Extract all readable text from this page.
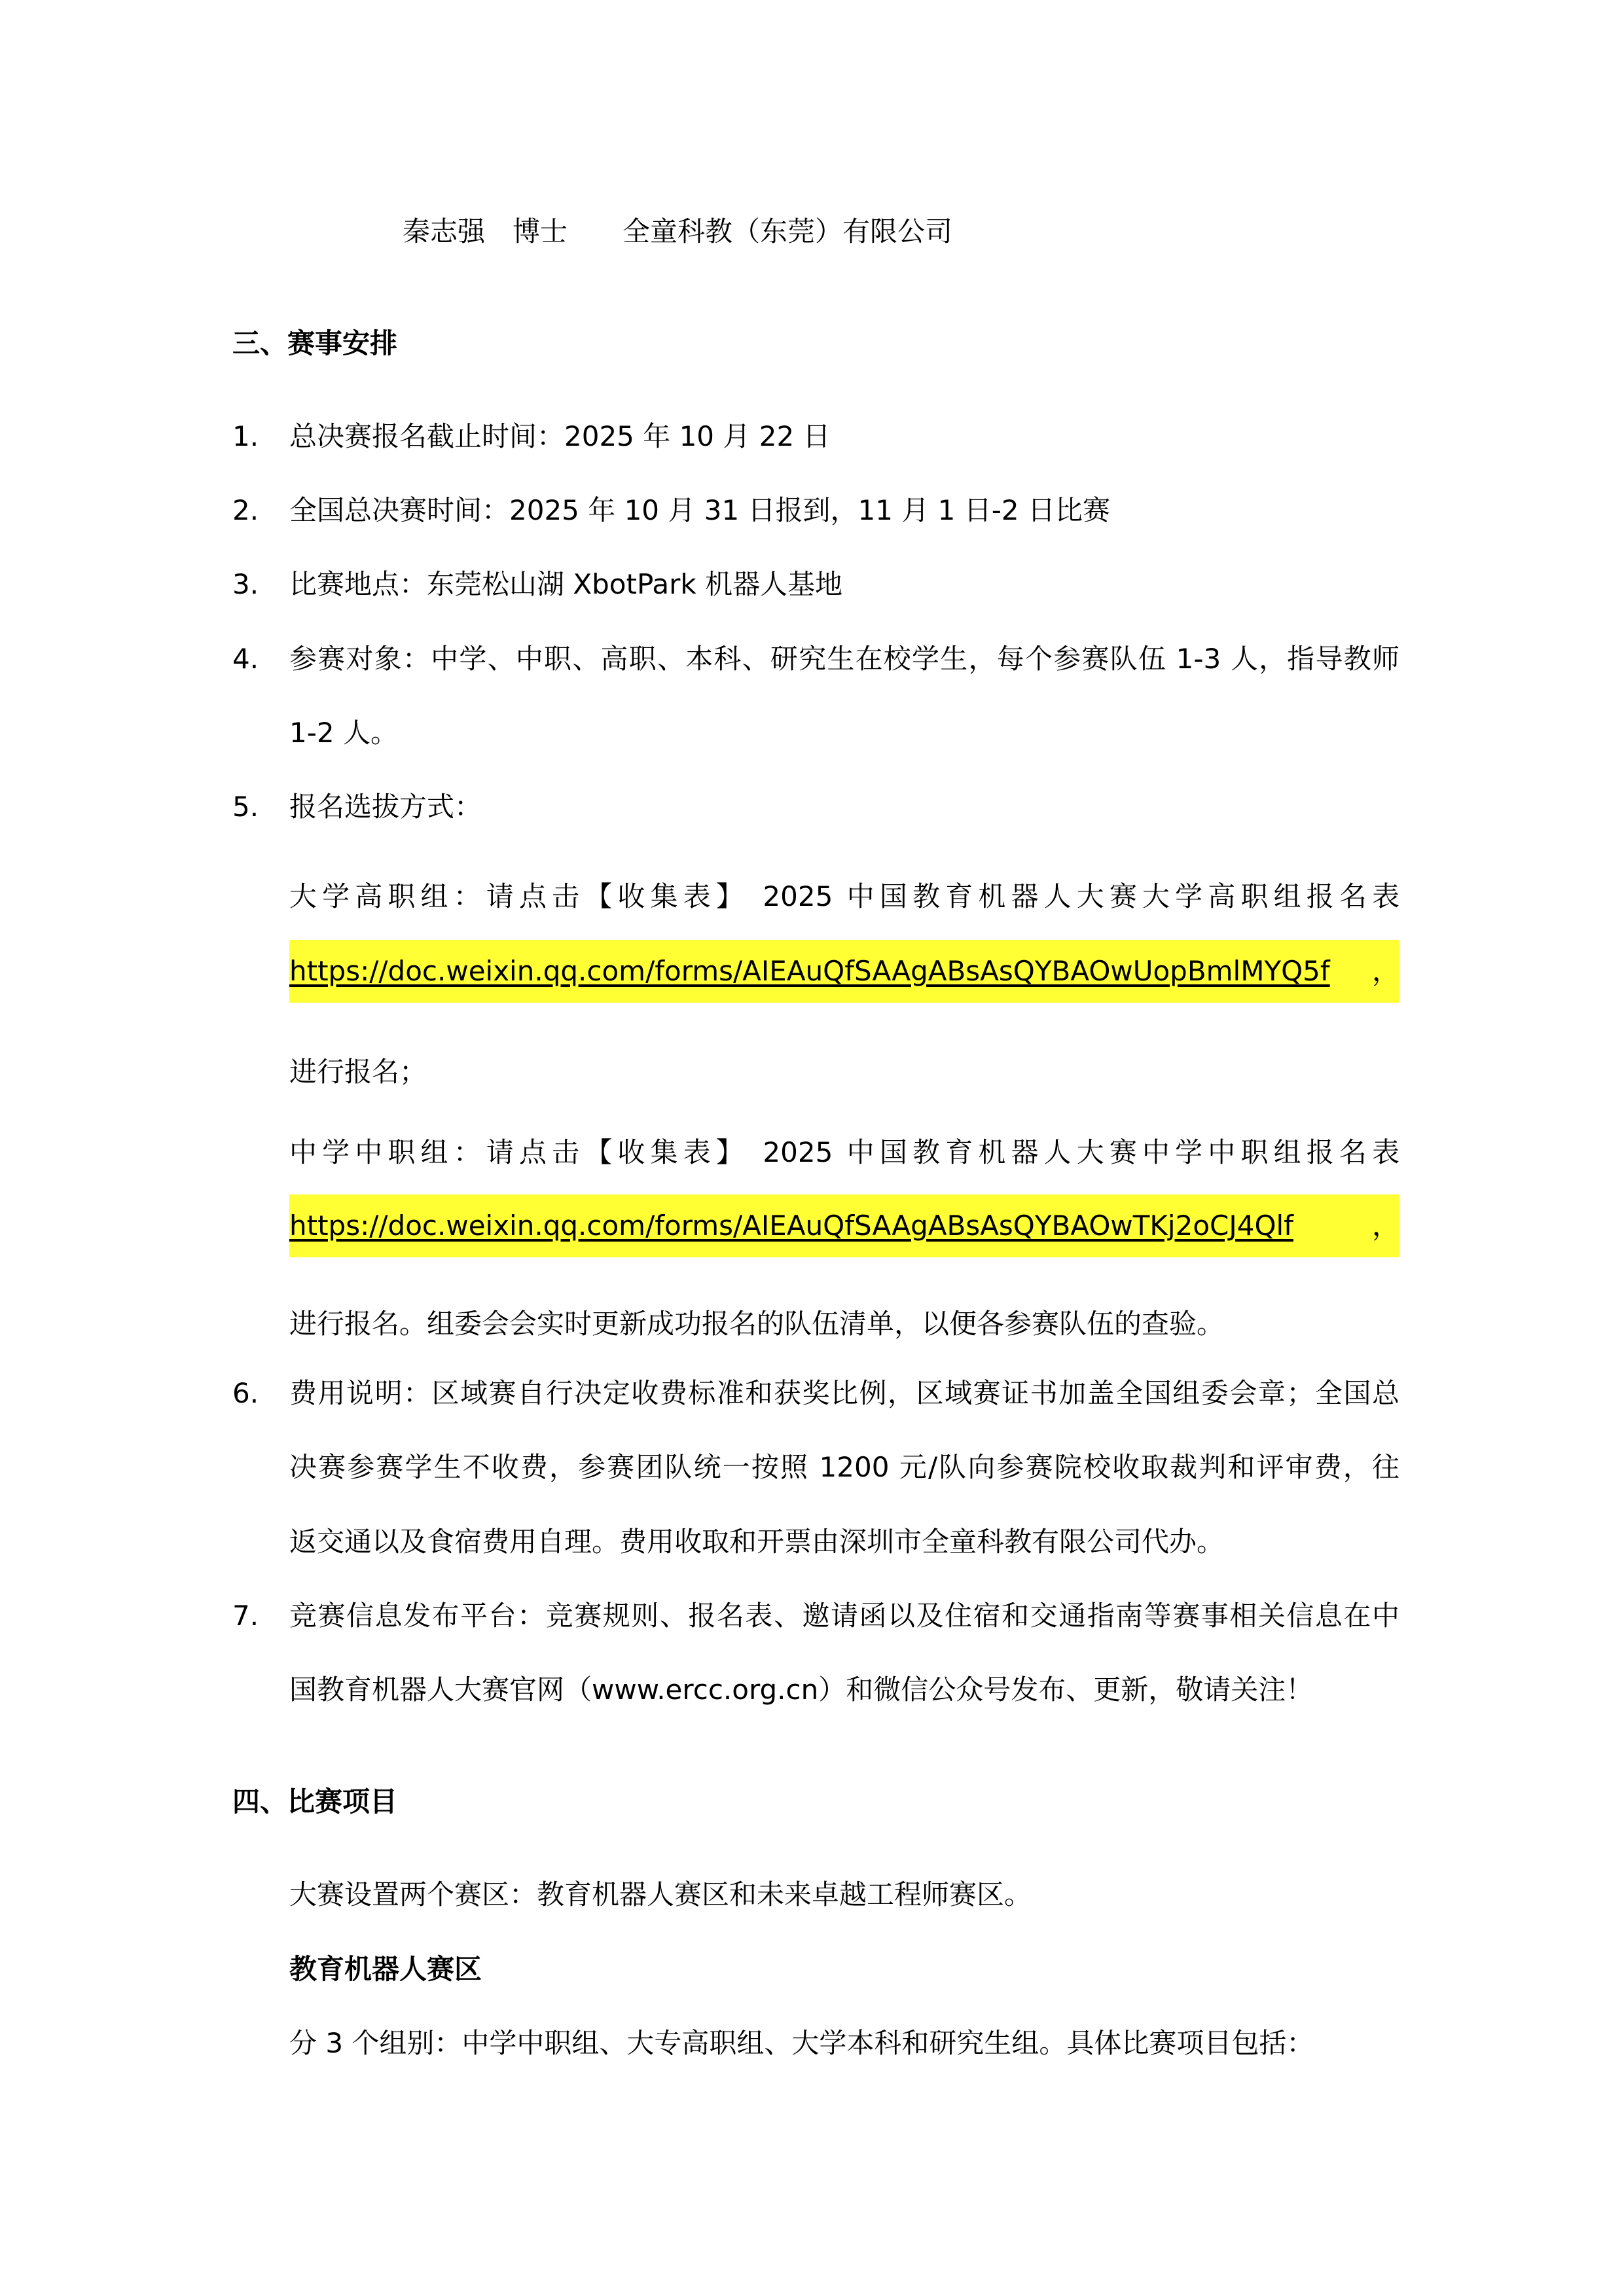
秦志强　博士　　全童科教（东莞）有限公司
三、赛事安排
1. 总决赛报名截止时间：2025 年 10 月 22 日
2. 全国总决赛时间：2025 年 10 月 31 日报到，11 月 1 日-2 日比赛
3. 比赛地点：东莞松山湖 XbotPark 机器人基地
4. 参赛对象：中学、中职、高职、本科、研究生在校学生，每个参赛队伍 1-3 人，指导教师
1-2 人。
5. 报名选拔方式：
大学高职组：请点击【收集表】 2025 中国教育机器人大赛大学高职组报名表
https://doc.weixin.qq.com/forms/AIEAuQfSAAgABsAsQYBAOwUopBmlMYQ5f ，
进行报名；
中学中职组：请点击【收集表】 2025 中国教育机器人大赛中学中职组报名表
https://doc.weixin.qq.com/forms/AIEAuQfSAAgABsAsQYBAOwTKj2oCJ4Qlf	，
进行报名。组委会会实时更新成功报名的队伍清单，以便各参赛队伍的查验。
6. 费用说明：区域赛自行决定收费标准和获奖比例，区域赛证书加盖全国组委会章；全国总
决赛参赛学生不收费，参赛团队统一按照 1200 元/队向参赛院校收取裁判和评审费，往
返交通以及食宿费用自理。费用收取和开票由深圳市全童科教有限公司代办。
7. 竞赛信息发布平台：竞赛规则、报名表、邀请函以及住宿和交通指南等赛事相关信息在中
国教育机器人大赛官网（www.ercc.org.cn）和微信公众号发布、更新，敬请关注！
四、比赛项目
大赛设置两个赛区：教育机器人赛区和未来卓越工程师赛区。
教育机器人赛区
分 3 个组别：中学中职组、大专高职组、大学本科和研究生组。具体比赛项目包括：
